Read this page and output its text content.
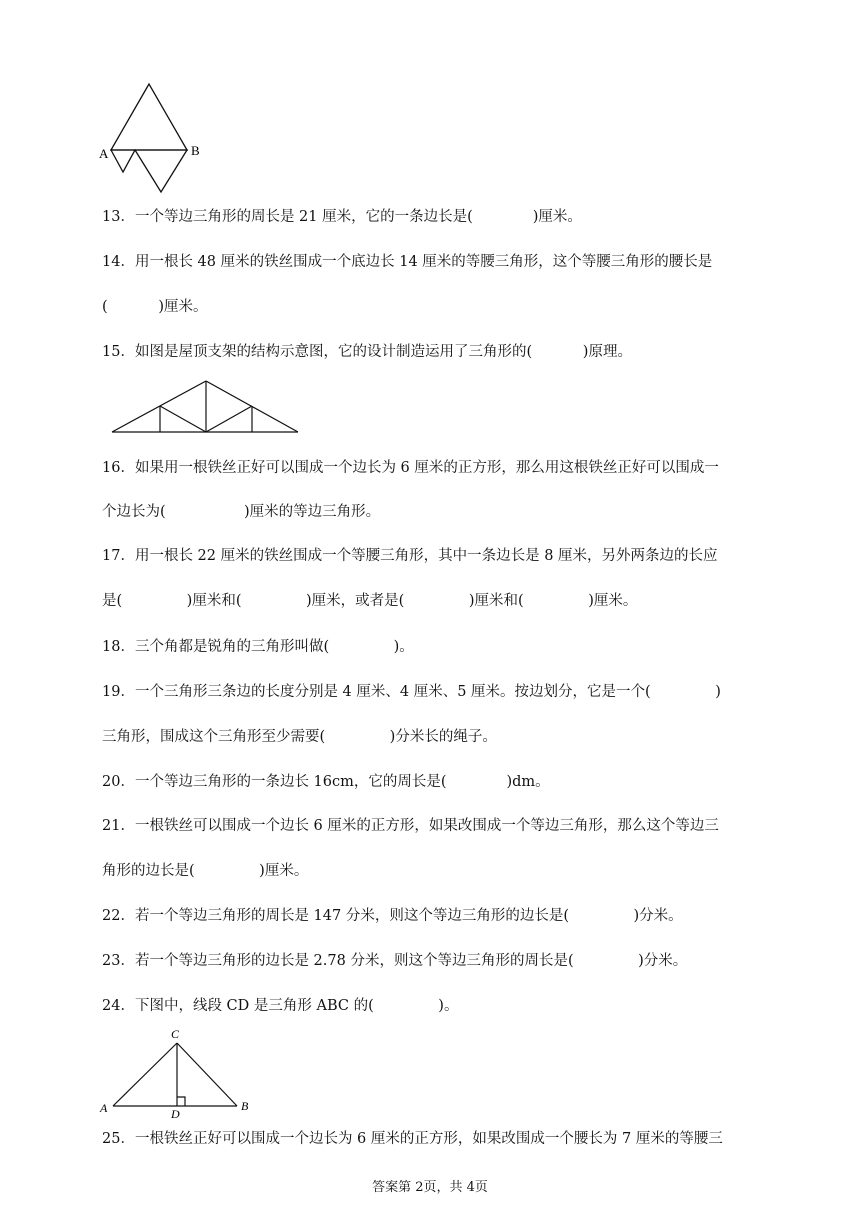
A	B
13．一个等边三角形的周长是 21 厘米，它的一条边长是(             )厘米。
14．用一根长 48 厘米的铁丝围成一个底边长 14 厘米的等腰三角形，这个等腰三角形的腰长是
(           )厘米。
15．如图是屋顶支架的结构示意图，它的设计制造运用了三角形的(           )原理。
16．如果用一根铁丝正好可以围成一个边长为 6 厘米的正方形，那么用这根铁丝正好可以围成一
个边长为(                 )厘米的等边三角形。
17．用一根长 22 厘米的铁丝围成一个等腰三角形，其中一条边长是 8 厘米，另外两条边的长应
是(              )厘米和(              )厘米，或者是(              )厘米和(              )厘米。
18．三个角都是锐角的三角形叫做(              )。
19．一个三角形三条边的长度分别是 4 厘米、4 厘米、5 厘米。按边划分，它是一个(              )
三角形，围成这个三角形至少需要(              )分米长的绳子。
20．一个等边三角形的一条边长 16cm，它的周长是(             )dm。
21．一根铁丝可以围成一个边长 6 厘米的正方形，如果改围成一个等边三角形，那么这个等边三
角形的边长是(              )厘米。
22．若一个等边三角形的周长是 147 分米，则这个等边三角形的边长是(              )分米。
23．若一个等边三角形的边长是 2.78 分米，则这个等边三角形的周长是(              )分米。
24．下图中，线段 CD 是三角形 ABC 的(              )。
C
A	B
D
25．一根铁丝正好可以围成一个边长为 6 厘米的正方形，如果改围成一个腰长为 7 厘米的等腰三
答案第 2页，共 4页
